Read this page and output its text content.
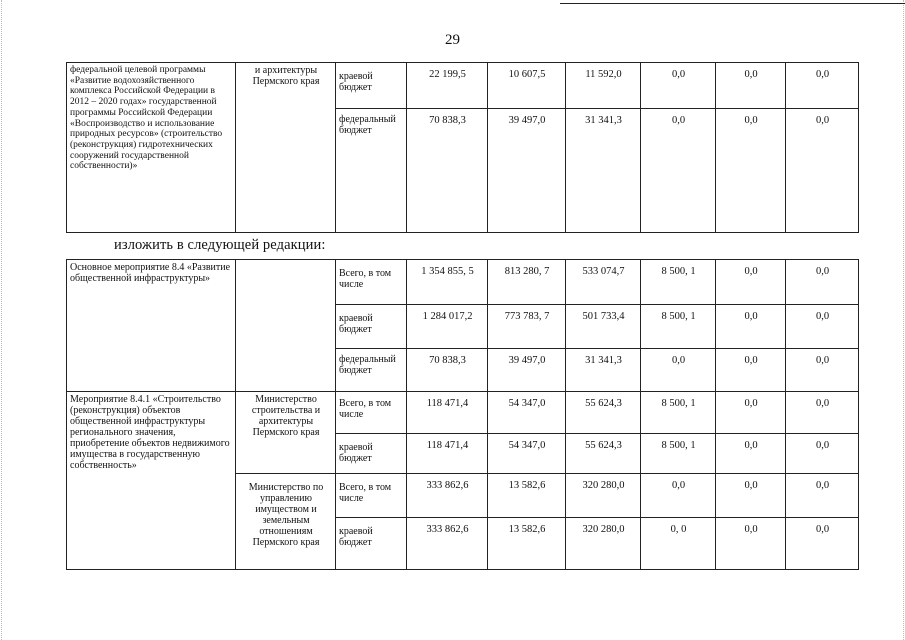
29
федеральной целевой программы «Развитие водохозяйственного комплекса Российской Федерации в 2012 – 2020 годах» государственной программы Российской Федерации «Воспроизводство и использование природных ресурсов» (строительство (реконструкция) гидротехнических сооружений государственной собственности)»	и архитектуры Пермского края	краевой бюджет	22 199,5	10 607,5	11 592,0	0,0	0,0	0,0
		федеральный бюджет	70 838,3	39 497,0	31 341,3	0,0	0,0	0,0
изложить в следующей редакции:
Основное мероприятие 8.4 «Развитие общественной инфраструктуры»		Всего, в том числе	1 354 855, 5	813 280, 7	533 074,7	8 500, 1	0,0	0,0
		краевой бюджет	1 284 017,2	773 783, 7	501 733,4	8 500, 1	0,0	0,0
		федеральный бюджет	70 838,3	39 497,0	31 341,3	0,0	0,0	0,0
Мероприятие 8.4.1 «Строительство (реконструкция) объектов общественной инфраструктуры регионального значения, приобретение объектов недвижимого имущества в государственную собственность»	Министерство строительства и архитектуры Пермского края	Всего, в том числе	118 471,4	54 347,0	55 624,3	8 500, 1	0,0	0,0
		краевой бюджет	118 471,4	54 347,0	55 624,3	8 500, 1	0,0	0,0
	Министерство по управлению имуществом и земельным отношениям Пермского края	Всего, в том числе	333 862,6	13 582,6	320 280,0	0,0	0,0	0,0
		краевой бюджет	333 862,6	13 582,6	320 280,0	0, 0	0,0	0,0
